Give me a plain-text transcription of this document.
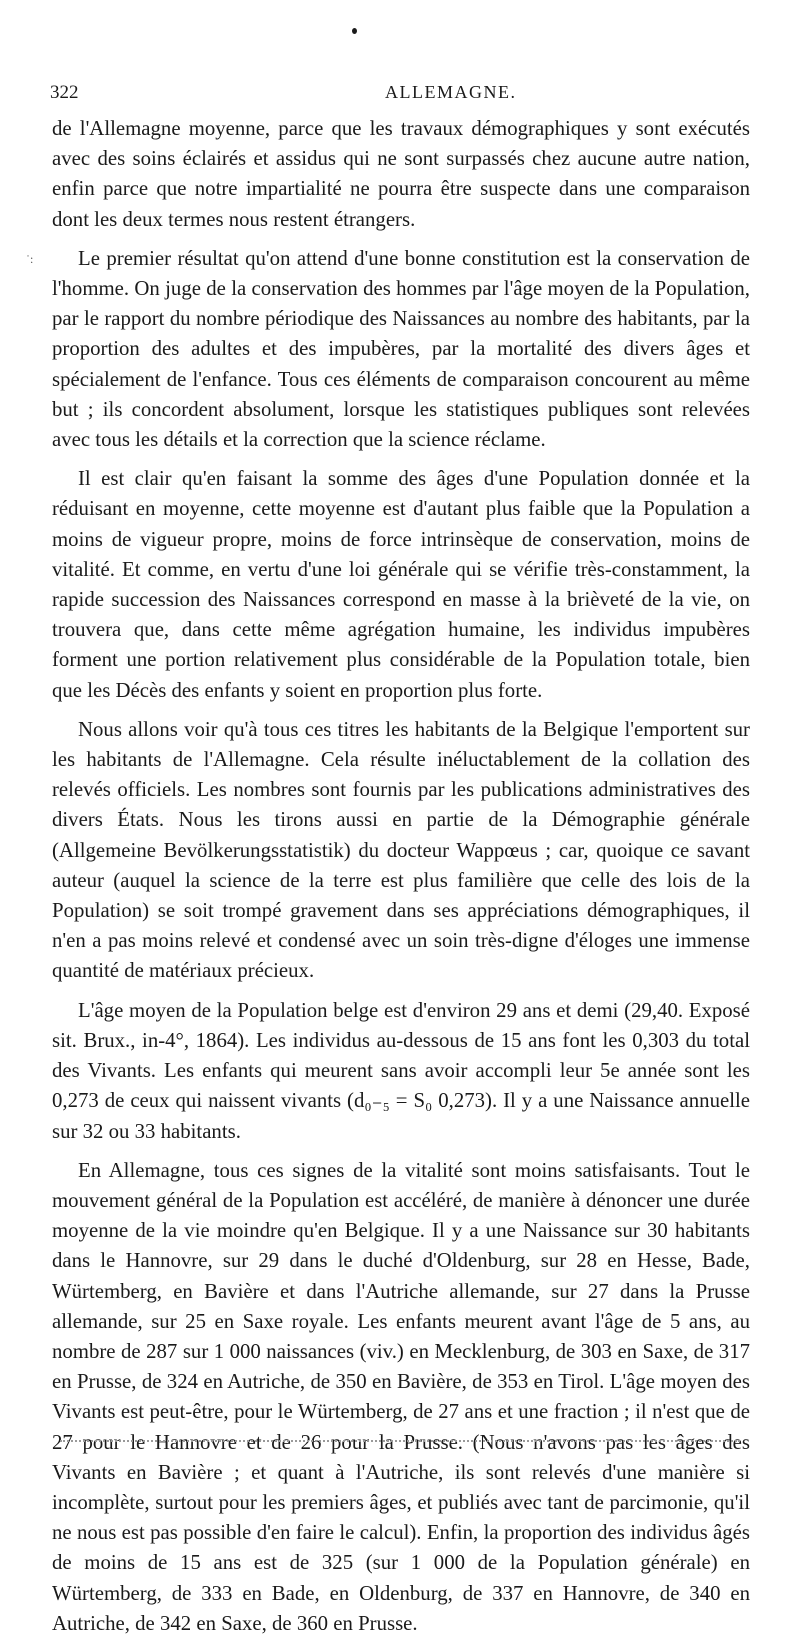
322	ALLEMAGNE.
˙:

de l'Allemagne moyenne, parce que les travaux démographiques y sont exécutés avec des soins éclairés et assidus qui ne sont surpassés chez aucune autre nation, enfin parce que notre impartialité ne pourra être suspecte dans une comparaison dont les deux termes nous restent étrangers.

Le premier résultat qu'on attend d'une bonne constitution est la conservation de l'homme. On juge de la conservation des hommes par l'âge moyen de la Population, par le rapport du nombre périodique des Naissances au nombre des habitants, par la proportion des adultes et des impubères, par la mortalité des divers âges et spécialement de l'enfance. Tous ces éléments de comparaison concourent au même but ; ils concordent absolument, lorsque les statistiques publiques sont relevées avec tous les détails et la correction que la science réclame.

Il est clair qu'en faisant la somme des âges d'une Population donnée et la réduisant en moyenne, cette moyenne est d'autant plus faible que la Population a moins de vigueur propre, moins de force intrinsèque de conservation, moins de vitalité. Et comme, en vertu d'une loi générale qui se vérifie très-constamment, la rapide succession des Naissances correspond en masse à la brièveté de la vie, on trouvera que, dans cette même agrégation humaine, les individus impubères forment une portion relativement plus considérable de la Population totale, bien que les Décès des enfants y soient en proportion plus forte.

Nous allons voir qu'à tous ces titres les habitants de la Belgique l'emportent sur les habitants de l'Allemagne. Cela résulte inéluctablement de la collation des relevés officiels. Les nombres sont fournis par les publications administratives des divers États. Nous les tirons aussi en partie de la Démographie générale (Allgemeine Bevölkerungsstatistik) du docteur Wappœus ; car, quoique ce savant auteur (auquel la science de la terre est plus familière que celle des lois de la Population) se soit trompé gravement dans ses appréciations démographiques, il n'en a pas moins relevé et condensé avec un soin très-digne d'éloges une immense quantité de matériaux précieux.

L'âge moyen de la Population belge est d'environ 29 ans et demi (29,40. Exposé sit. Brux., in-4°, 1864). Les individus au-dessous de 15 ans font les 0,303 du total des Vivants. Les enfants qui meurent sans avoir accompli leur 5e année sont les 0,273 de ceux qui naissent vivants (d₀₋₅ = S₀ 0,273). Il y a une Naissance annuelle sur 32 ou 33 habitants.

En Allemagne, tous ces signes de la vitalité sont moins satisfaisants. Tout le mouvement général de la Population est accéléré, de manière à dénoncer une durée moyenne de la vie moindre qu'en Belgique. Il y a une Naissance sur 30 habitants dans le Hannovre, sur 29 dans le duché d'Oldenburg, sur 28 en Hesse, Bade, Würtemberg, en Bavière et dans l'Autriche allemande, sur 27 dans la Prusse allemande, sur 25 en Saxe royale. Les enfants meurent avant l'âge de 5 ans, au nombre de 287 sur 1 000 naissances (viv.) en Mecklenburg, de 303 en Saxe, de 317 en Prusse, de 324 en Autriche, de 350 en Bavière, de 353 en Tirol. L'âge moyen des Vivants est peut-être, pour le Würtemberg, de 27 ans et une fraction ; il n'est que de 27 pour le Hannovre et de 26 pour la Prusse. (Nous n'avons pas les âges des Vivants en Bavière ; et quant à l'Autriche, ils sont relevés d'une manière si incomplète, surtout pour les premiers âges, et publiés avec tant de parcimonie, qu'il ne nous est pas possible d'en faire le calcul). Enfin, la proportion des individus âgés de moins de 15 ans est de 325 (sur 1 000 de la Population générale) en Würtemberg, de 333 en Bade, en Oldenburg, de 337 en Hannovre, de 340 en Autriche, de 342 en Saxe, de 360 en Prusse.
